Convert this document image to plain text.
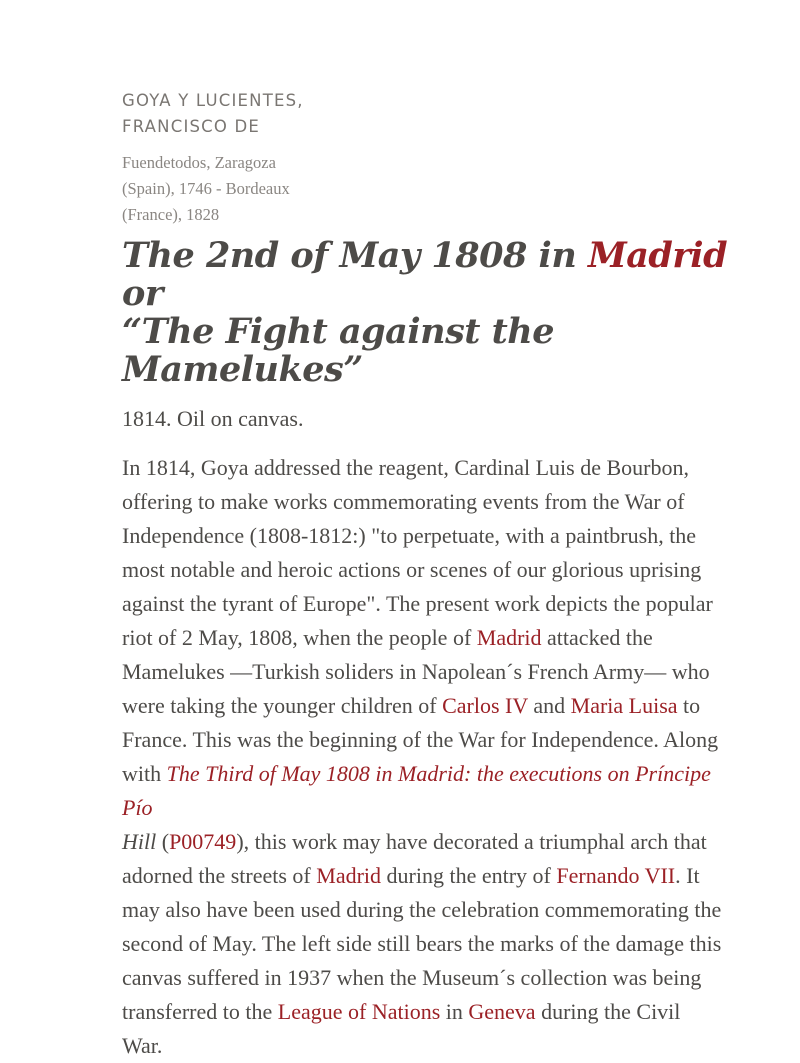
GOYA Y LUCIENTES,
FRANCISCO DE

Fuendetodos, Zaragoza
(Spain), 1746 - Bordeaux
(France), 1828

The 2nd of May 1808 in Madrid or
“The Fight against the Mamelukes”

1814. Oil on canvas.

In 1814, Goya addressed the reagent, Cardinal Luis de Bourbon, offering to make works commemorating events from the War of Independence (1808-1812:) "to perpetuate, with a paintbrush, the most notable and heroic actions or scenes of our glorious uprising against the tyrant of Europe". The present work depicts the popular riot of 2 May, 1808, when the people of Madrid attacked the Mamelukes —Turkish soliders in Napolean´s French Army— who were taking the younger children of Carlos IV and Maria Luisa to France. This was the beginning of the War for Independence. Along with The Third of May 1808 in Madrid: the executions on Príncipe Pío
Hill (P00749), this work may have decorated a triumphal arch that adorned the streets of Madrid during the entry of Fernando VII. It may also have been used during the celebration commemorating the second of May. The left side still bears the marks of the damage this canvas suffered in 1937 when the Museum´s collection was being transferred to the League of Nations in Geneva during the Civil War.
